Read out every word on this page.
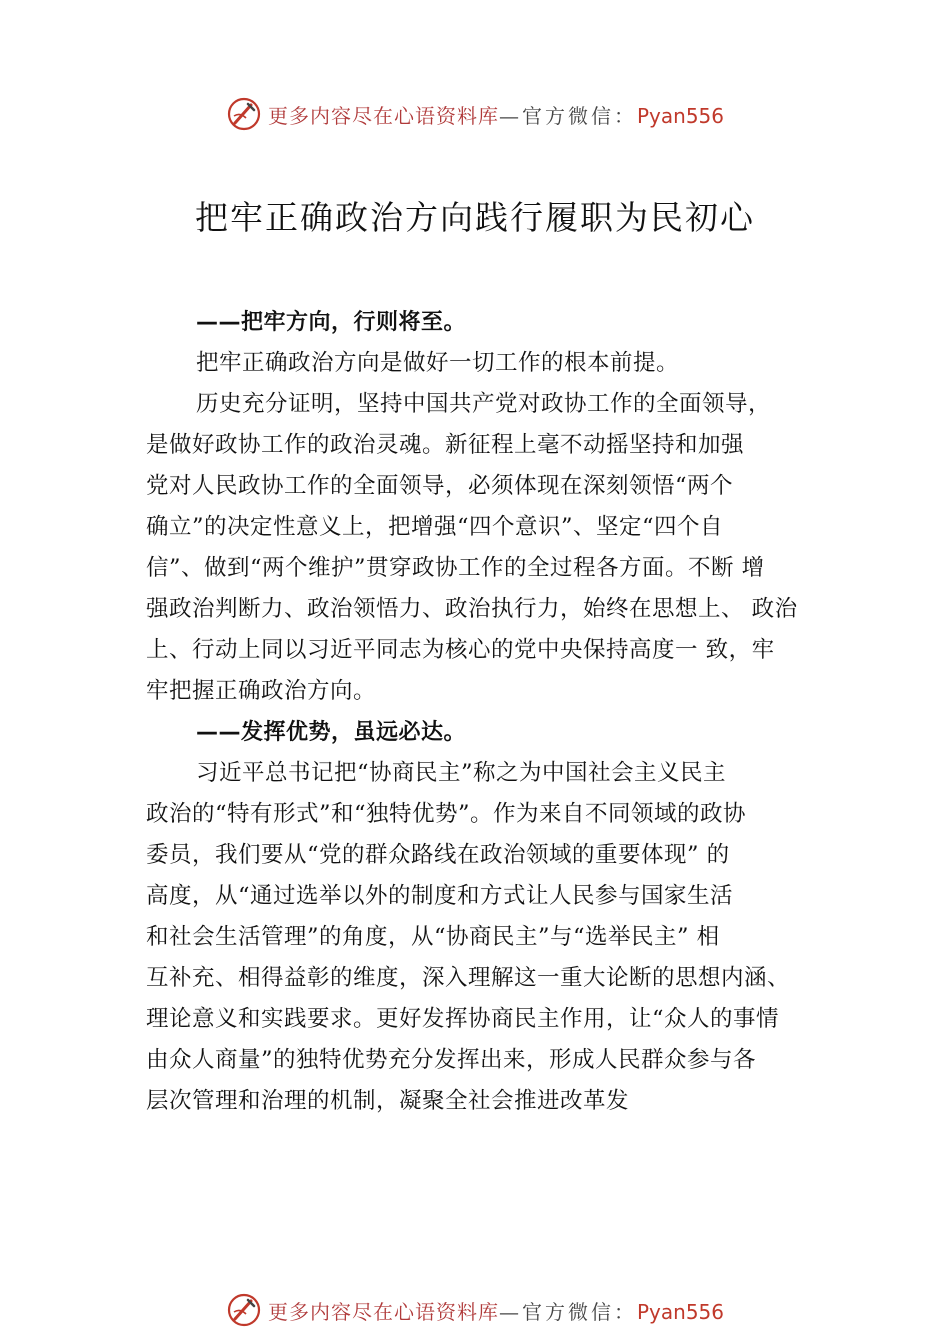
更多内容尽在心语资料库—官方微信：Pyan556
把牢正确政治方向践行履职为民初心
——把牢方向，行则将至。
把牢正确政治方向是做好一切工作的根本前提。
历史充分证明，坚持中国共产党对政协工作的全面领导，
是做好政协工作的政治灵魂。新征程上毫不动摇坚持和加强
党对人民政协工作的全面领导，必须体现在深刻领悟“两个
确立”的决定性意义上，把增强“四个意识”、坚定“四个自
信”、做到“两个维护”贯穿政协工作的全过程各方面。不断 增
强政治判断力、政治领悟力、政治执行力，始终在思想上、 政治
上、行动上同以习近平同志为核心的党中央保持高度一 致，牢
牢把握正确政治方向。
——发挥优势，虽远必达。
习近平总书记把“协商民主”称之为中国社会主义民主
政治的“特有形式”和“独特优势”。作为来自不同领域的政协
委员，我们要从“党的群众路线在政治领域的重要体现” 的
高度，从“通过选举以外的制度和方式让人民参与国家生活
和社会生活管理”的角度，从“协商民主”与“选举民主” 相
互补充、相得益彰的维度，深入理解这一重大论断的思想内涵、
理论意义和实践要求。更好发挥协商民主作用，让“众人的事情
由众人商量”的独特优势充分发挥出来，形成人民群众参与各
层次管理和治理的机制，凝聚全社会推进改革发
更多内容尽在心语资料库—官方微信：Pyan556
